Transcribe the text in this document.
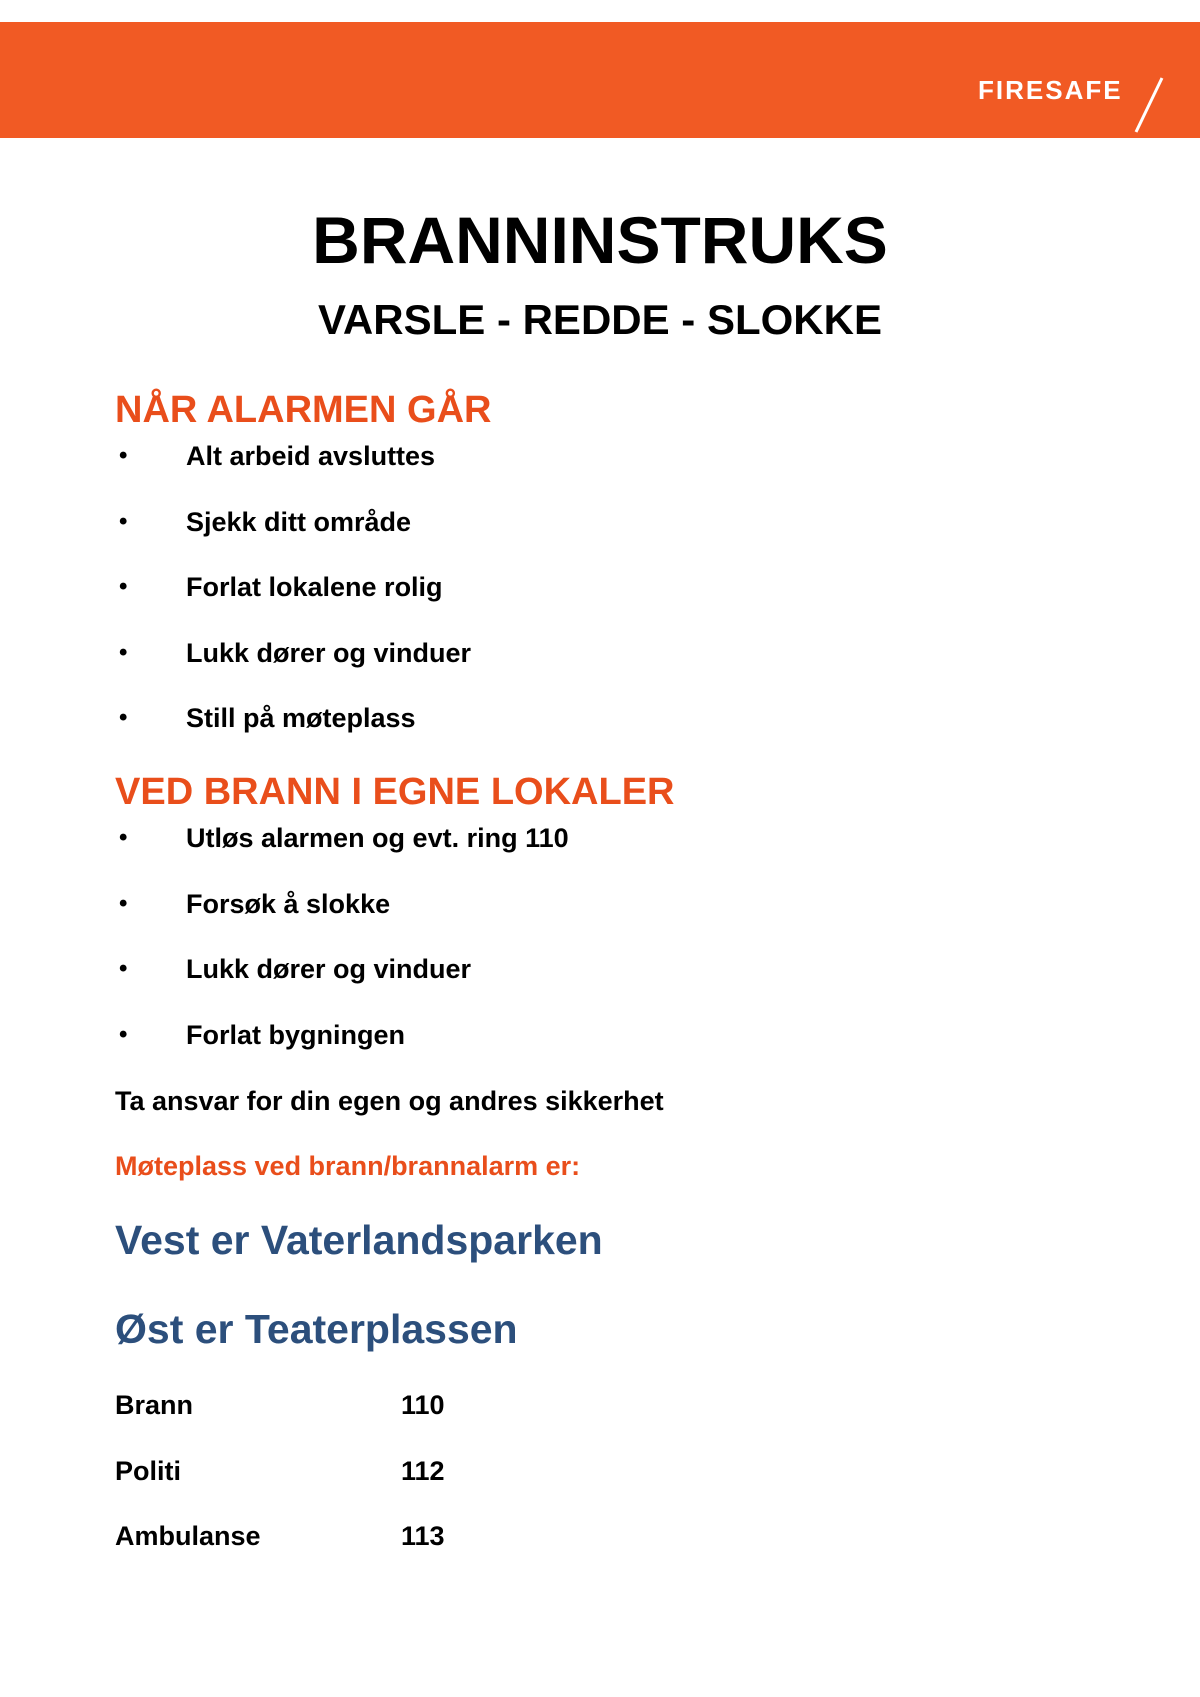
FIRESAFE
BRANNINSTRUKS
VARSLE - REDDE - SLOKKE
NÅR ALARMEN GÅR
• Alt arbeid avsluttes
• Sjekk ditt område
• Forlat lokalene rolig
• Lukk dører og vinduer
• Still på møteplass
VED BRANN I EGNE LOKALER
• Utløs alarmen og evt. ring 110
• Forsøk å slokke
• Lukk dører og vinduer
• Forlat bygningen
Ta ansvar for din egen og andres sikkerhet
Møteplass ved brann/brannalarm er:
Vest er Vaterlandsparken
Øst er Teaterplassen
Brann	110
Politi	112
Ambulanse	113
